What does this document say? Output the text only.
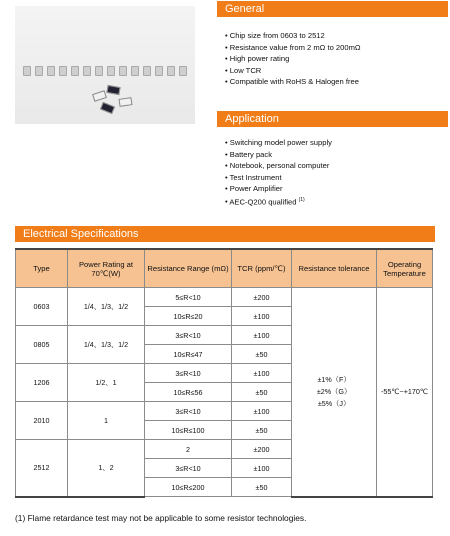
General
• Chip size from 0603 to 2512
• Resistance value from 2 mΩ to 200mΩ
• High power rating
• Low TCR
• Compatible with RoHS & Halogen free
Application
• Switching model power supply
• Battery pack
• Notebook, personal computer
• Test Instrument
• Power Amplifier
• AEC-Q200 qualified $^{(1)}$
Electrical Specifications
Type	Power Rating at 70℃(W)	Resistance Range (mΩ)	TCR (ppm/℃)	Resistance tolerance	Operating Temperature
0603	1/4、1/3、1/2	5≤R<10	±200	±1%（F）
±2%（G）
±5%（J）	-55℃~+170℃
		10≤R≤20	±100		
0805	1/4、1/3、1/2	3≤R<10	±100		
		10≤R≤47	±50		
1206	1/2、1	3≤R<10	±100		
		10≤R≤56	±50		
2010	1	3≤R<10	±100		
		10≤R≤100	±50		
2512	1、2	2	±200		
		3≤R<10	±100		
		10≤R≤200	±50		
(1) Flame retardance test may not be applicable to some resistor technologies.
